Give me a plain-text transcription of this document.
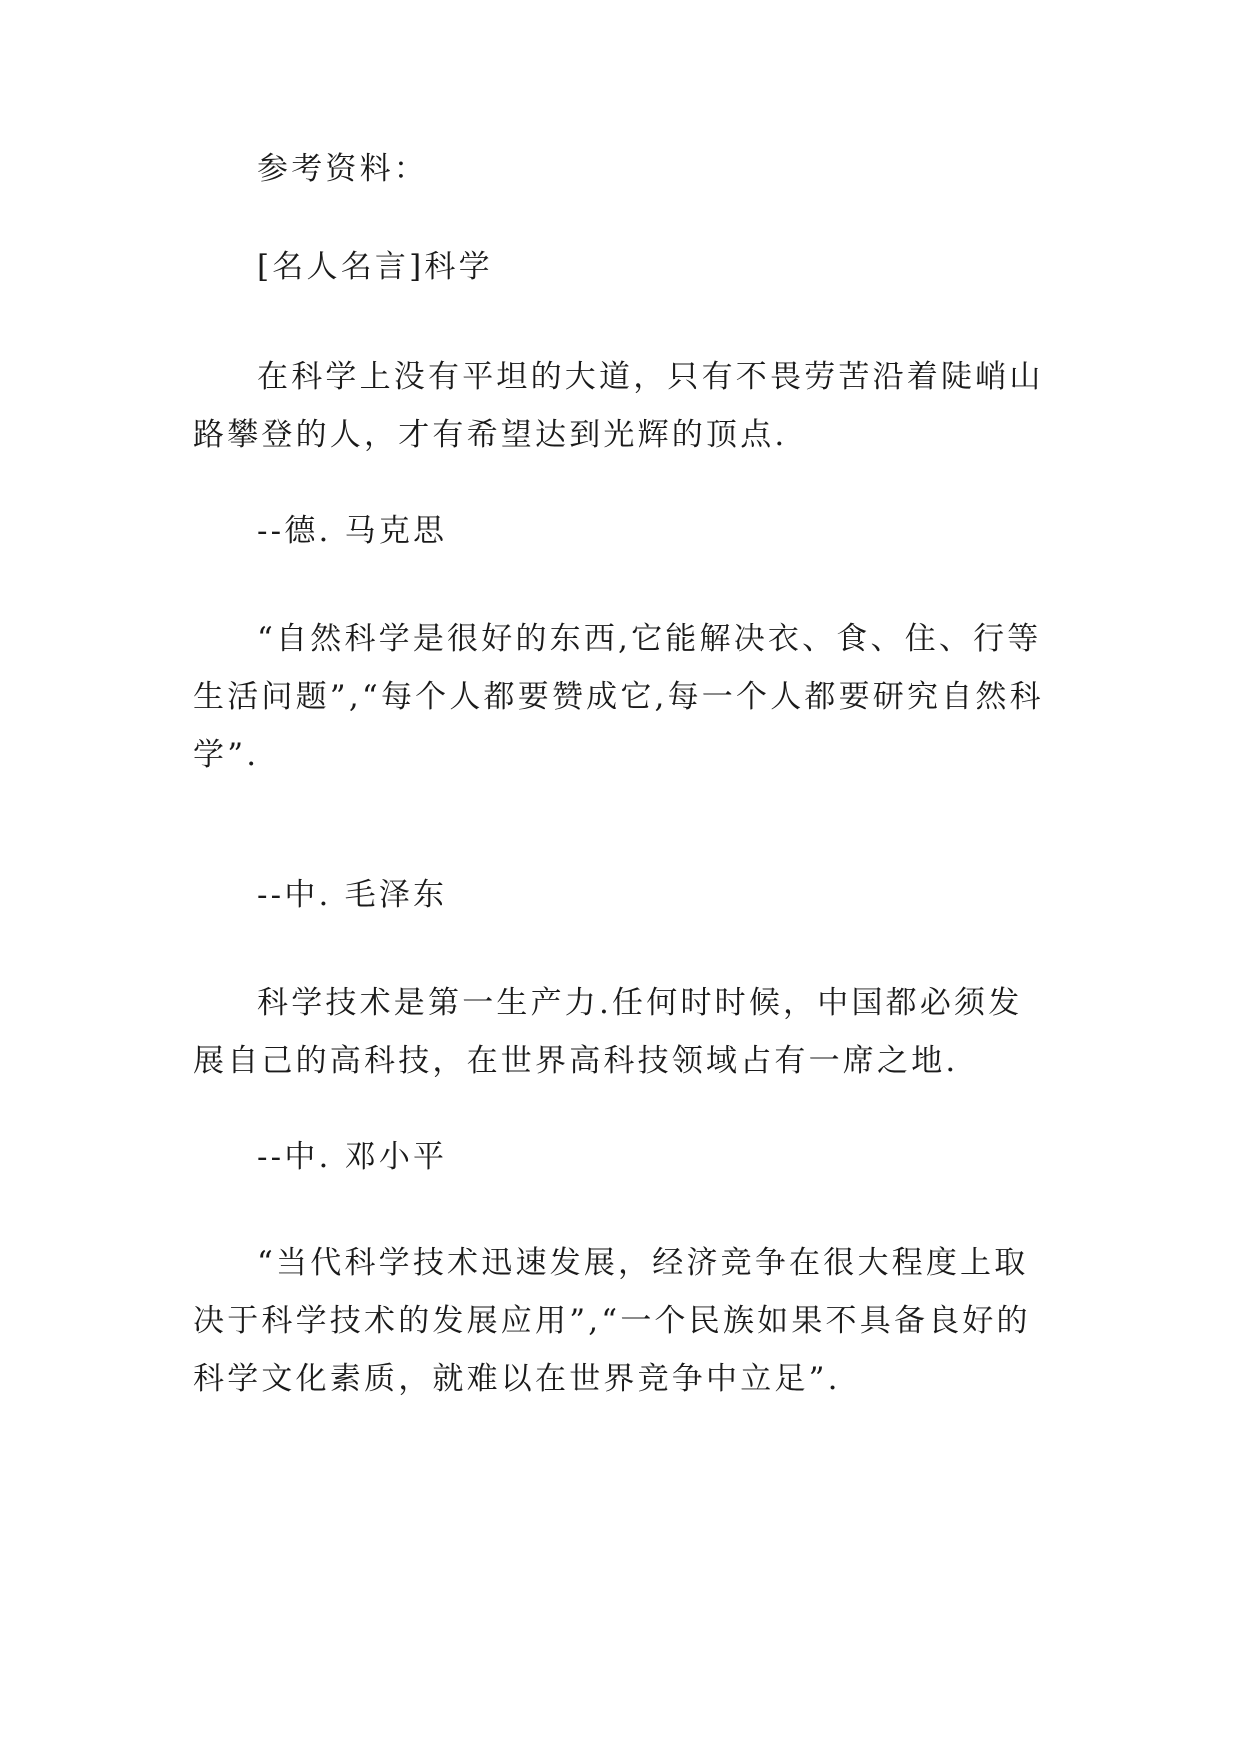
参考资料：
[名人名言]科学
在科学上没有平坦的大道，只有不畏劳苦沿着陡峭山路攀登的人，才有希望达到光辉的顶点.
--德. 马克思
“自然科学是很好的东西,它能解决衣、食、住、行等生活问题”,“每个人都要赞成它,每一个人都要研究自然科学”.
--中. 毛泽东
科学技术是第一生产力.任何时时候，中国都必须发展自己的高科技，在世界高科技领域占有一席之地.
--中. 邓小平
“当代科学技术迅速发展，经济竞争在很大程度上取决于科学技术的发展应用”,“一个民族如果不具备良好的科学文化素质，就难以在世界竞争中立足”.
